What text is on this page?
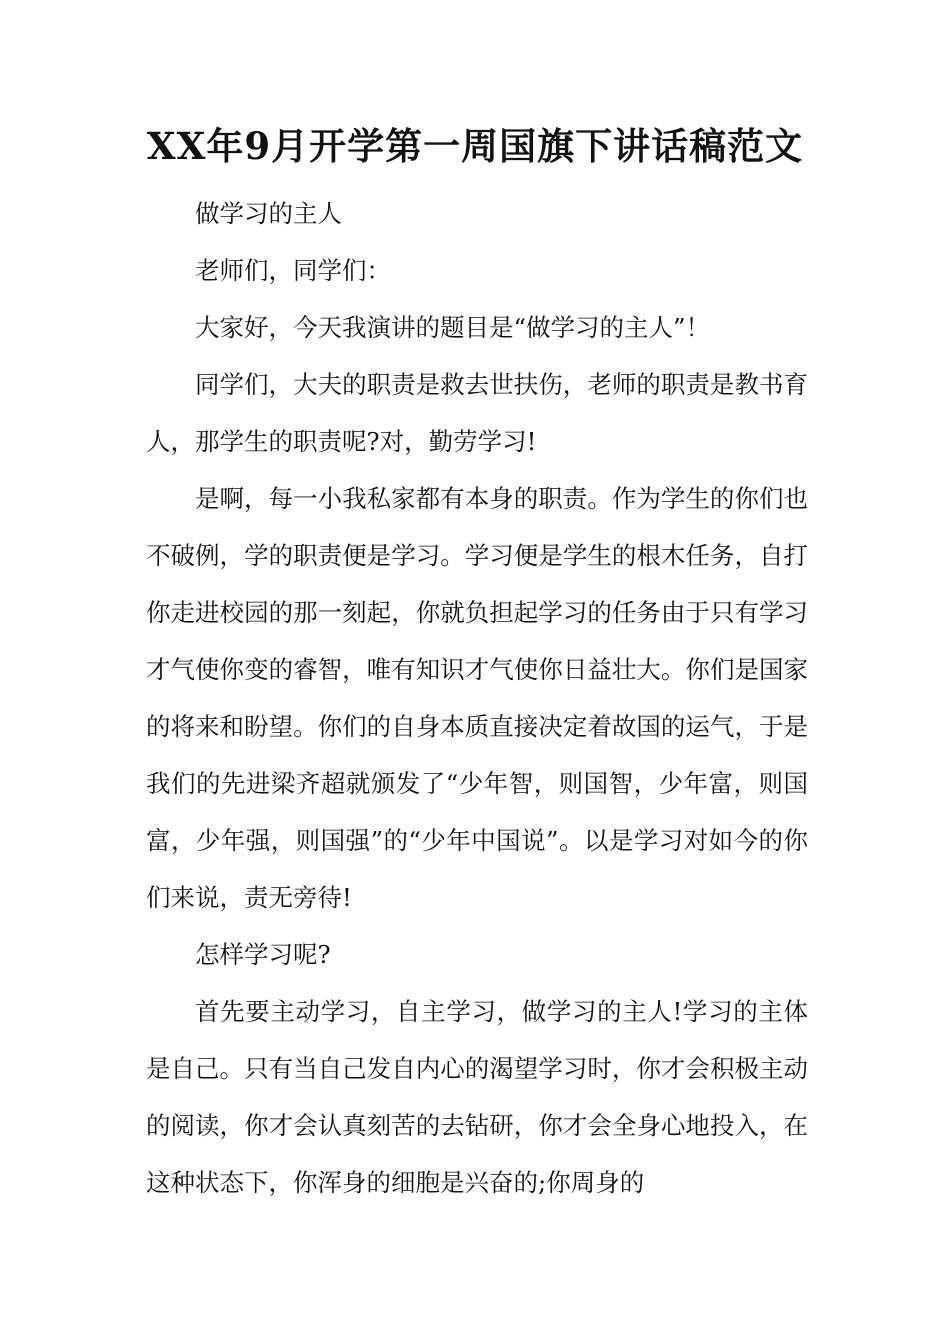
XX年9月开学第一周国旗下讲话稿范文

做学习的主人

老师们，同学们：

大家好，今天我演讲的题目是“做学习的主人”！

同学们，大夫的职责是救去世扶伤，老师的职责是教书育人，那学生的职责呢?对，勤劳学习!

是啊，每一小我私家都有本身的职责。作为学生的你们也不破例，学的职责便是学习。学习便是学生的根木任务，自打你走进校园的那一刻起，你就负担起学习的任务由于只有学习才气使你变的睿智，唯有知识才气使你日益壮大。你们是国家的将来和盼望。你们的自身本质直接决定着故国的运气，于是我们的先进梁齐超就颁发了“少年智，则国智，少年富，则国富，少年强，则国强”的“少年中国说”。以是学习对如今的你们来说，责无旁待!

怎样学习呢?

首先要主动学习，自主学习，做学习的主人!学习的主体是自己。只有当自己发自内心的渴望学习时，你才会积极主动的阅读，你才会认真刻苦的去钻研，你才会全身心地投入，在这种状态下，你浑身的细胞是兴奋的;你周身的
